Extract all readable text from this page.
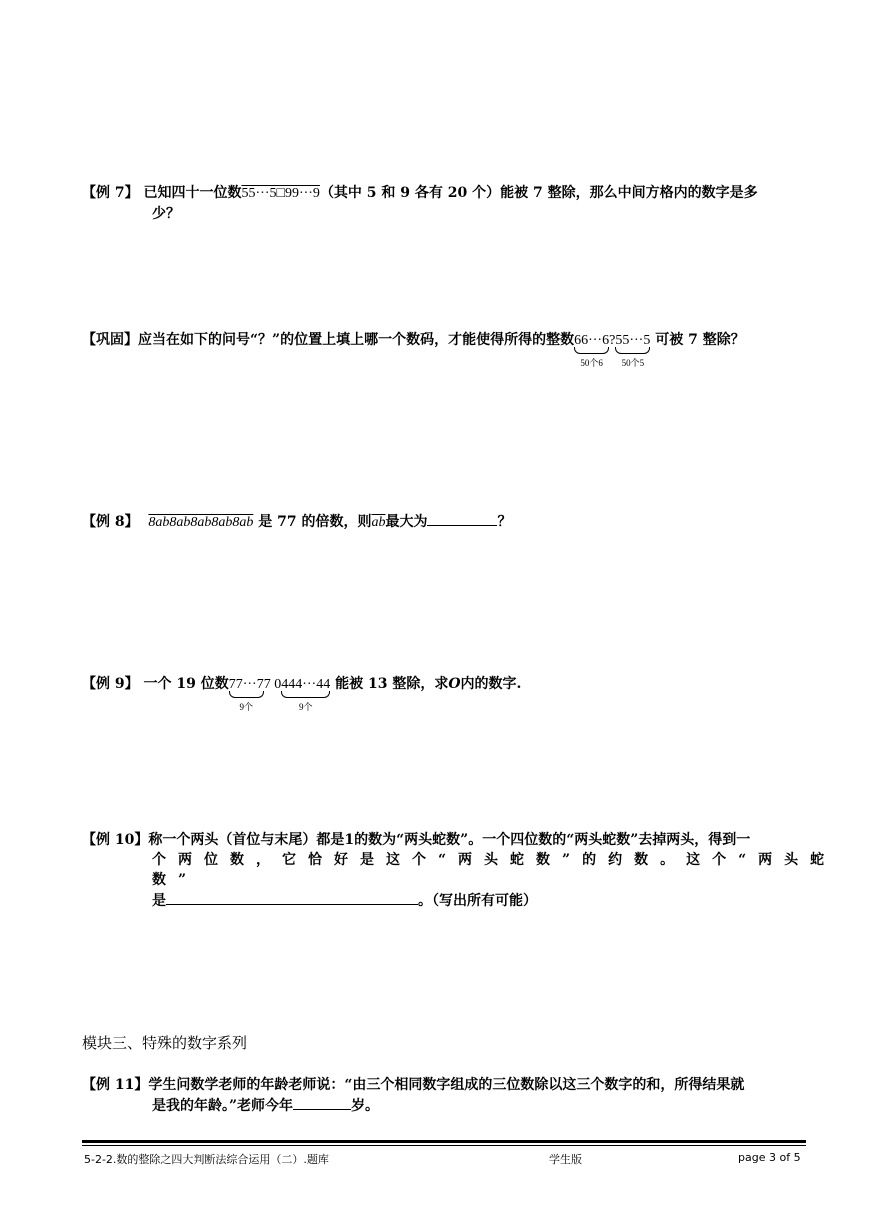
【例 7】 已知四十一位数55···5□99···9（其中 5 和 9 各有 20 个）能被 7 整除，那么中间方格内的数字是多
少？
【巩固】应当在如下的问号“？”的位置上填上哪一个数码，才能使得所得的整数66···6
50个6
?55···5
50个5
可被 7 整除？
【例 8】 8ab8ab8ab8ab8ab 是 77 的倍数，则$\overline{ab}$最大为	？
【例 9】 一个 19 位数77···7
9个
7 0444···44
9个
能被 13 整除，求O内的数字.
【例 10】称一个两头（首位与末尾）都是1的数为“两头蛇数”。一个四位数的“两头蛇数”去掉两头，得到一
个两位数，它恰好是这个“两头蛇数”的约数。这个“两头蛇数”
是	。（写出所有可能）
模块三、特殊的数字系列
【例 11】学生问数学老师的年龄老师说：“由三个相同数字组成的三位数除以这三个数字的和，所得结果就
是我的年龄。”老师今年	岁。
5-2-2.数的整除之四大判断法综合运用（二）.题库	学生版	page 3 of 5
